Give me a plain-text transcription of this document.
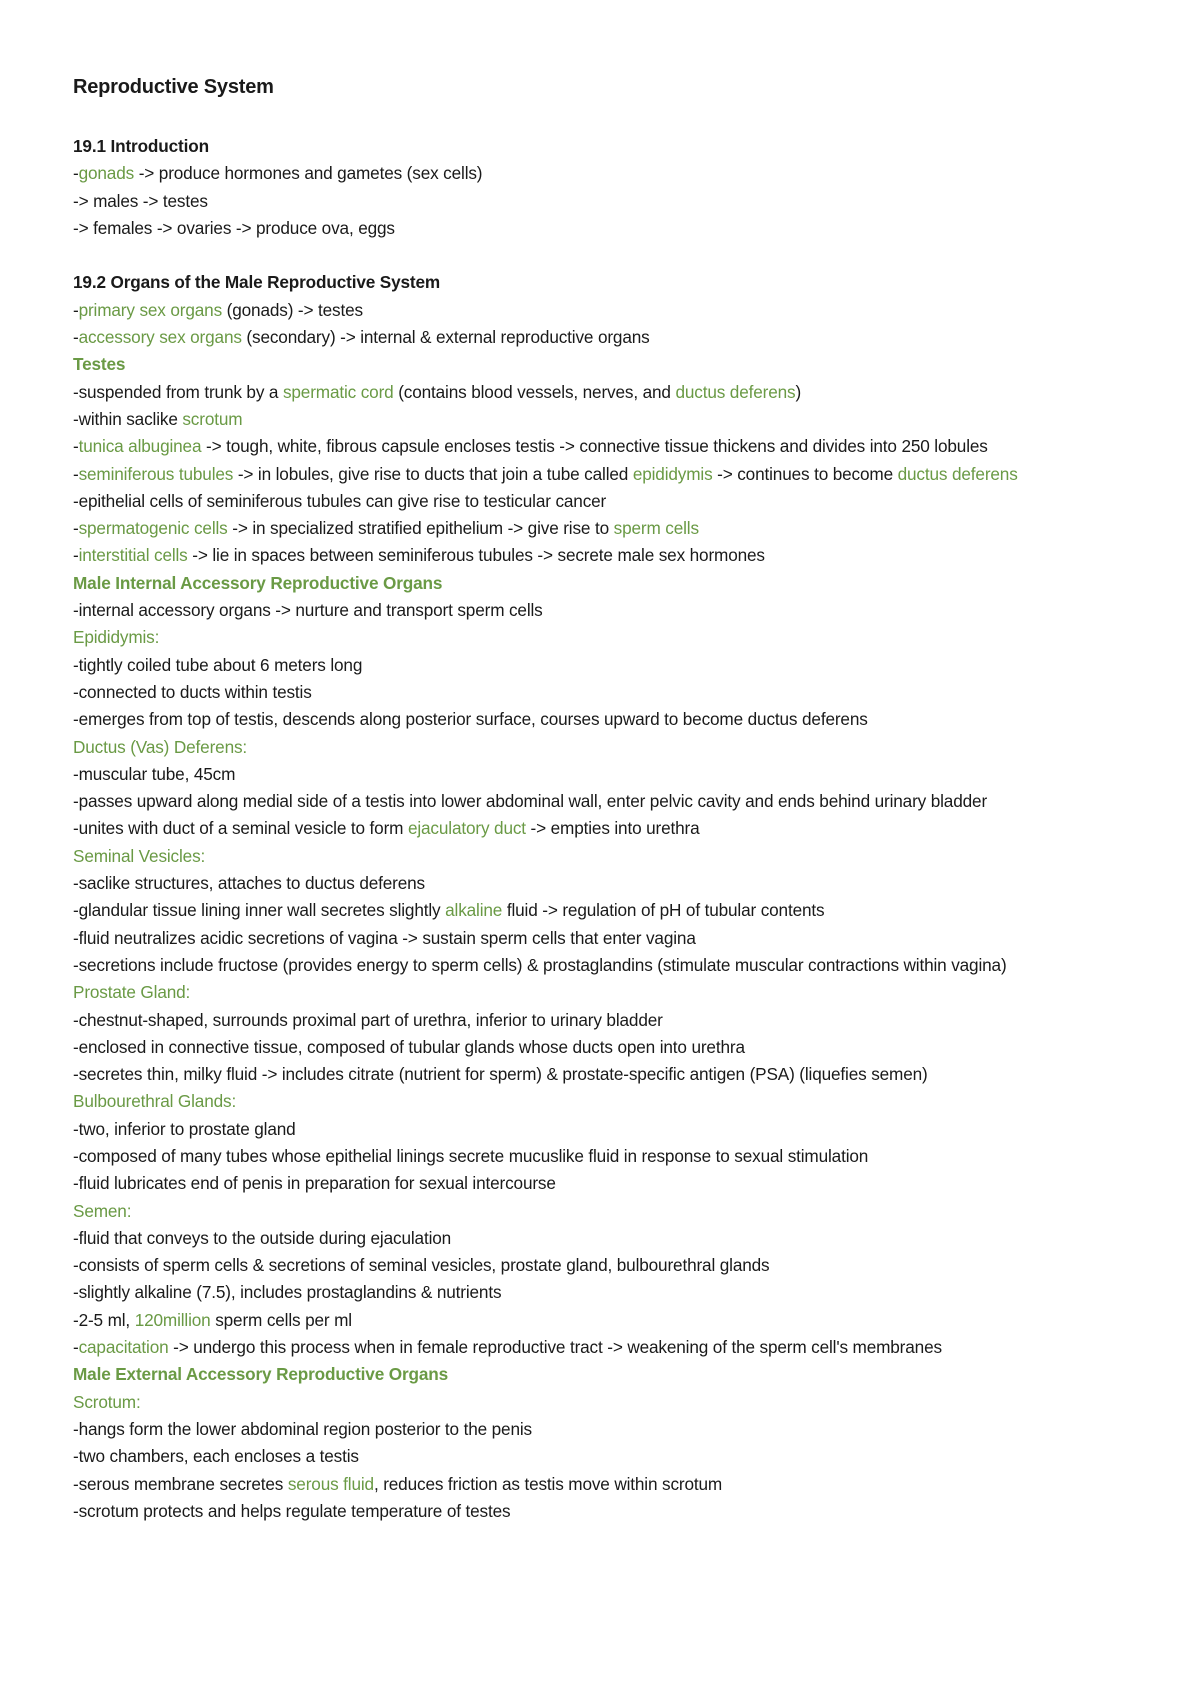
Reproductive System
19.1 Introduction
-gonads -> produce hormones and gametes (sex cells)
-> males -> testes
-> females -> ovaries -> produce ova, eggs
19.2 Organs of the Male Reproductive System
-primary sex organs (gonads) -> testes
-accessory sex organs (secondary) -> internal & external reproductive organs
Testes
-suspended from trunk by a spermatic cord (contains blood vessels, nerves, and ductus deferens)
-within saclike scrotum
-tunica albuginea -> tough, white, fibrous capsule encloses testis -> connective tissue thickens and divides into 250 lobules
-seminiferous tubules -> in lobules, give rise to ducts that join a tube called epididymis -> continues to become ductus deferens
-epithelial cells of seminiferous tubules can give rise to testicular cancer
-spermatogenic cells -> in specialized stratified epithelium -> give rise to sperm cells
-interstitial cells -> lie in spaces between seminiferous tubules -> secrete male sex hormones
Male Internal Accessory Reproductive Organs
-internal accessory organs -> nurture and transport sperm cells
Epididymis:
-tightly coiled tube about 6 meters long
-connected to ducts within testis
-emerges from top of testis, descends along posterior surface, courses upward to become ductus deferens
Ductus (Vas) Deferens:
-muscular tube, 45cm
-passes upward along medial side of a testis into lower abdominal wall, enter pelvic cavity and ends behind urinary bladder
-unites with duct of a seminal vesicle to form ejaculatory duct -> empties into urethra
Seminal Vesicles:
-saclike structures, attaches to ductus deferens
-glandular tissue lining inner wall secretes slightly alkaline fluid -> regulation of pH of tubular contents
-fluid neutralizes acidic secretions of vagina -> sustain sperm cells that enter vagina
-secretions include fructose (provides energy to sperm cells) & prostaglandins (stimulate muscular contractions within vagina)
Prostate Gland:
-chestnut-shaped, surrounds proximal part of urethra, inferior to urinary bladder
-enclosed in connective tissue, composed of tubular glands whose ducts open into urethra
-secretes thin, milky fluid -> includes citrate (nutrient for sperm) & prostate-specific antigen (PSA) (liquefies semen)
Bulbourethral Glands:
-two, inferior to prostate gland
-composed of many tubes whose epithelial linings secrete mucuslike fluid in response to sexual stimulation
-fluid lubricates end of penis in preparation for sexual intercourse
Semen:
-fluid that conveys to the outside during ejaculation
-consists of sperm cells & secretions of seminal vesicles, prostate gland, bulbourethral glands
-slightly alkaline (7.5), includes prostaglandins & nutrients
-2-5 ml, 120million sperm cells per ml
-capacitation -> undergo this process when in female reproductive tract -> weakening of the sperm cell's membranes
Male External Accessory Reproductive Organs
Scrotum:
-hangs form the lower abdominal region posterior to the penis
-two chambers, each encloses a testis
-serous membrane secretes serous fluid, reduces friction as testis move within scrotum
-scrotum protects and helps regulate temperature of testes
